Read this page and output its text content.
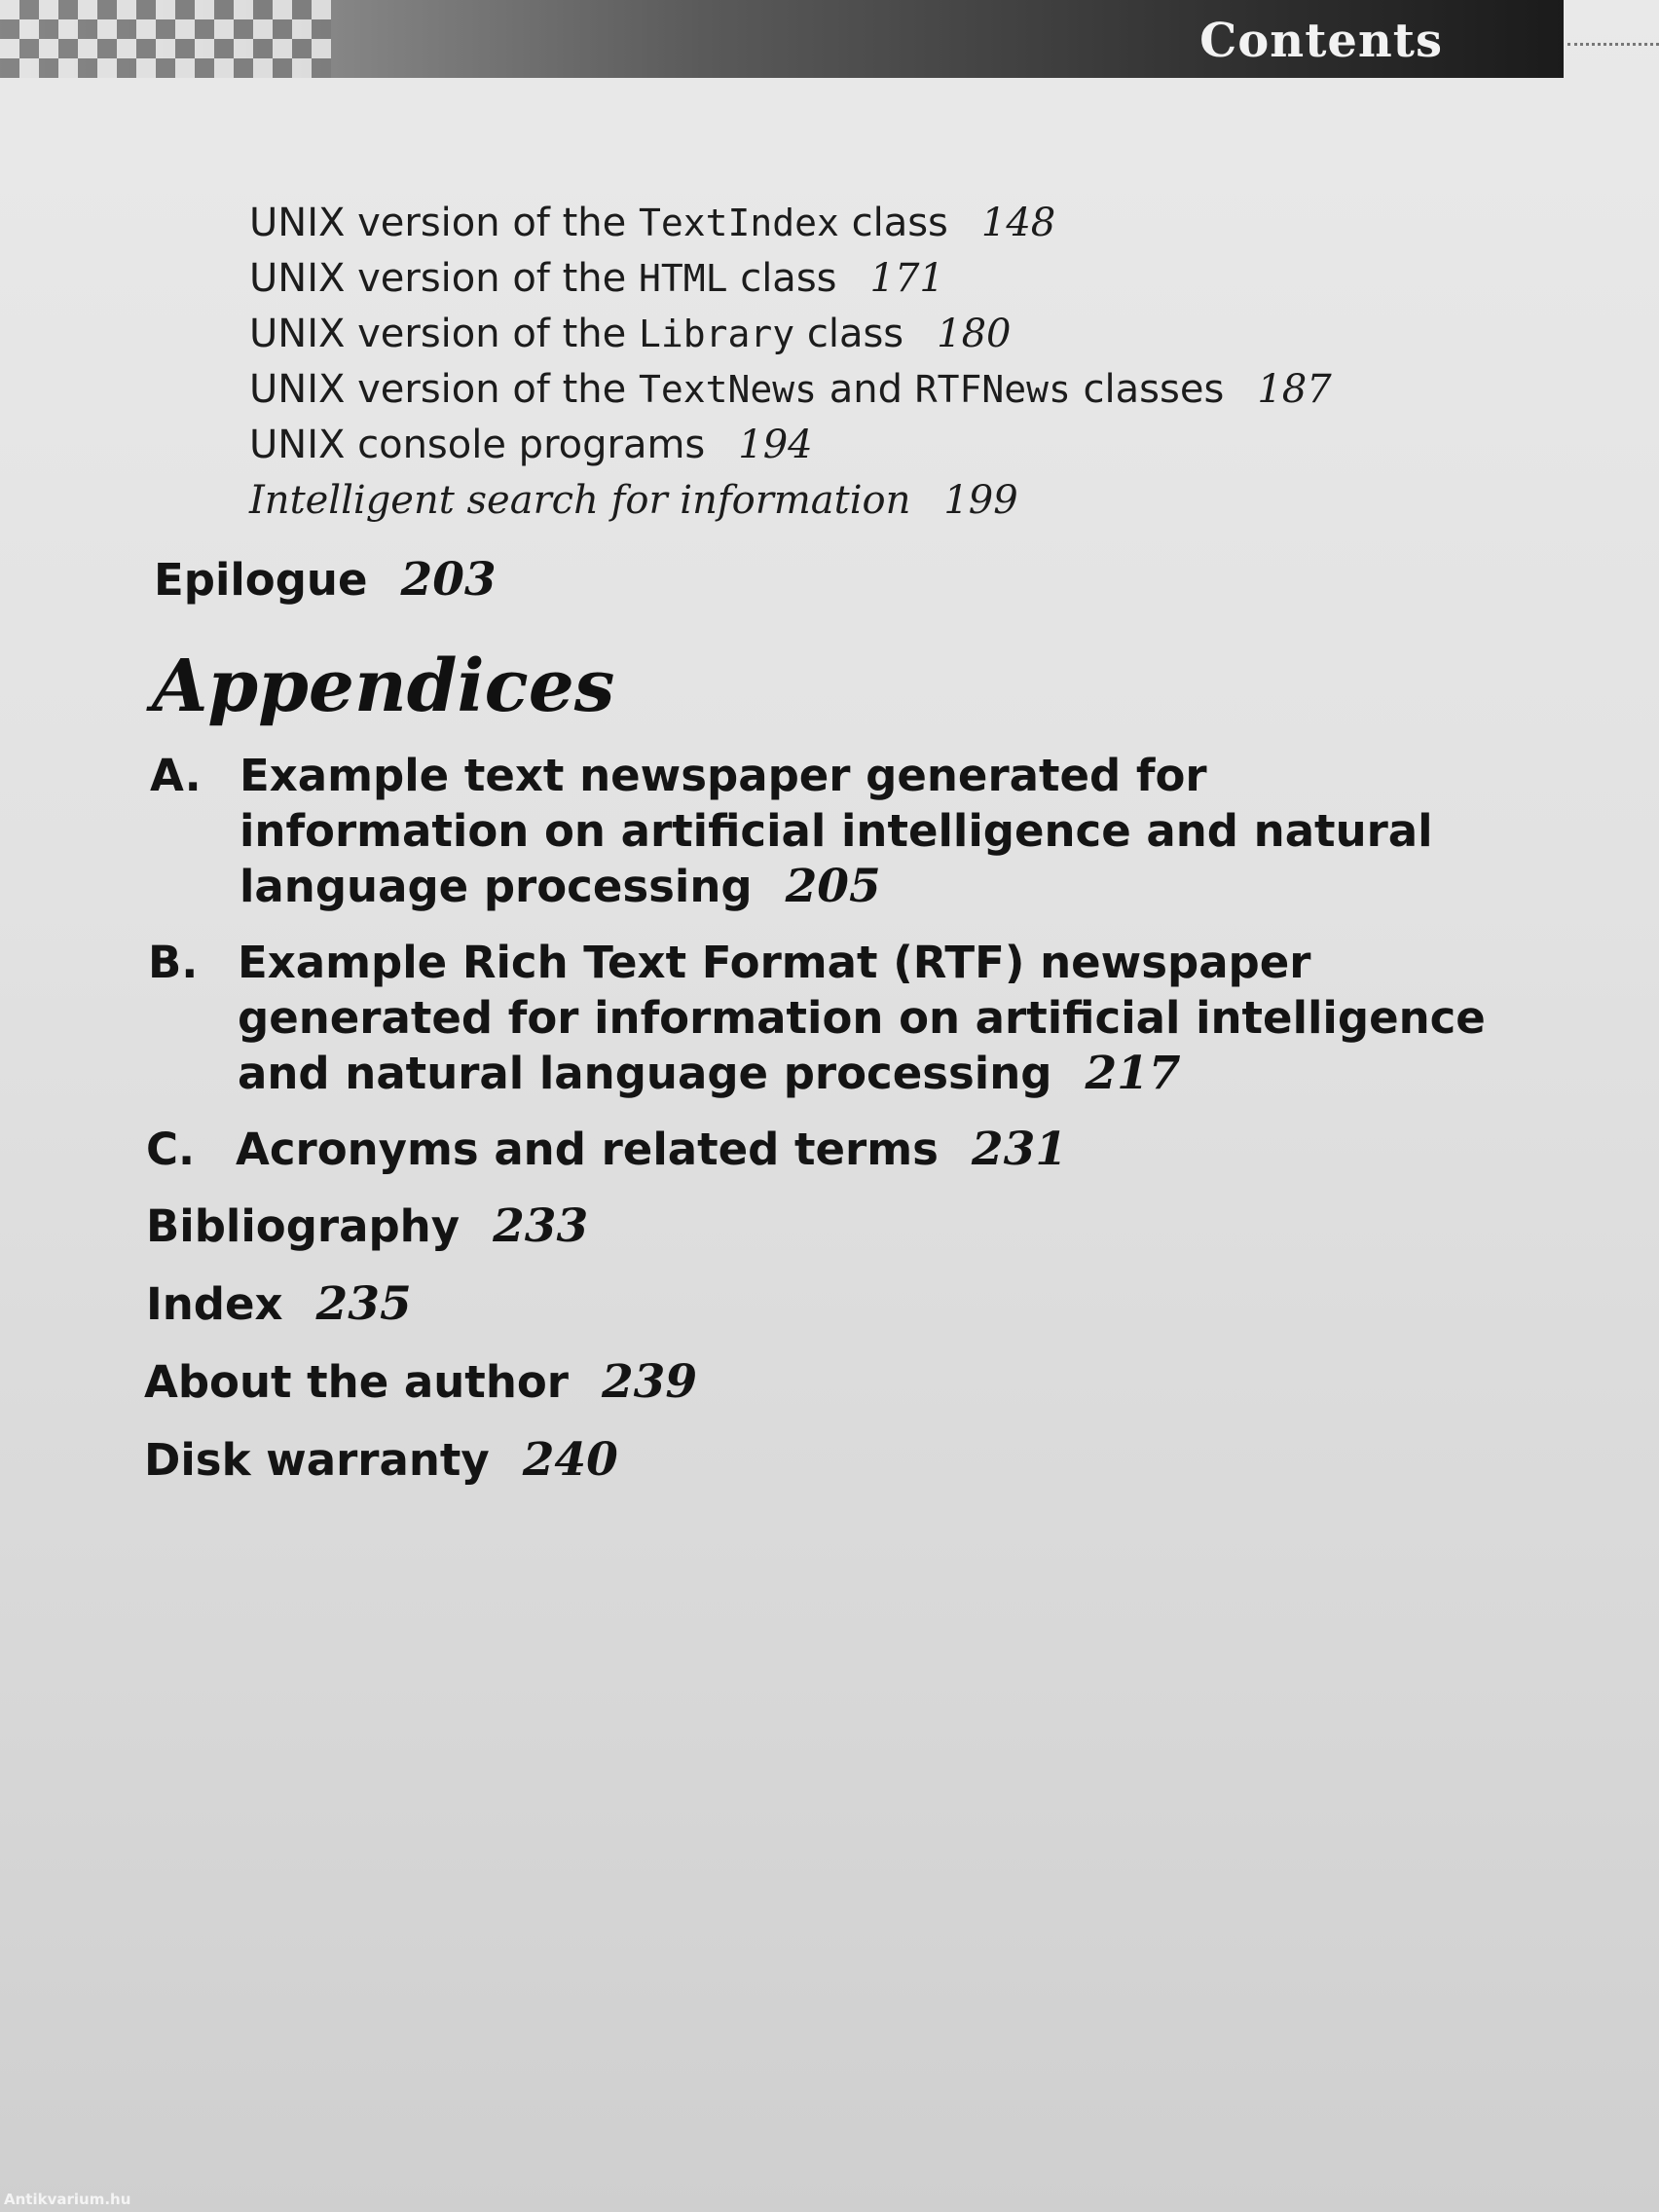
Contents
UNIX version of the TextIndex class 148
UNIX version of the HTML class 171
UNIX version of the Library class 180
UNIX version of the TextNews and RTFNews classes 187
UNIX console programs 194
Intelligent search for information 199
Epilogue 203
Appendices
A. Example text newspaper generated for information on artificial intelligence and natural language processing 205
B. Example Rich Text Format (RTF) newspaper generated for information on artificial intelligence and natural language processing 217
C. Acronyms and related terms 231
Bibliography 233
Index 235
About the author 239
Disk warranty 240
Antikvarium.hu
